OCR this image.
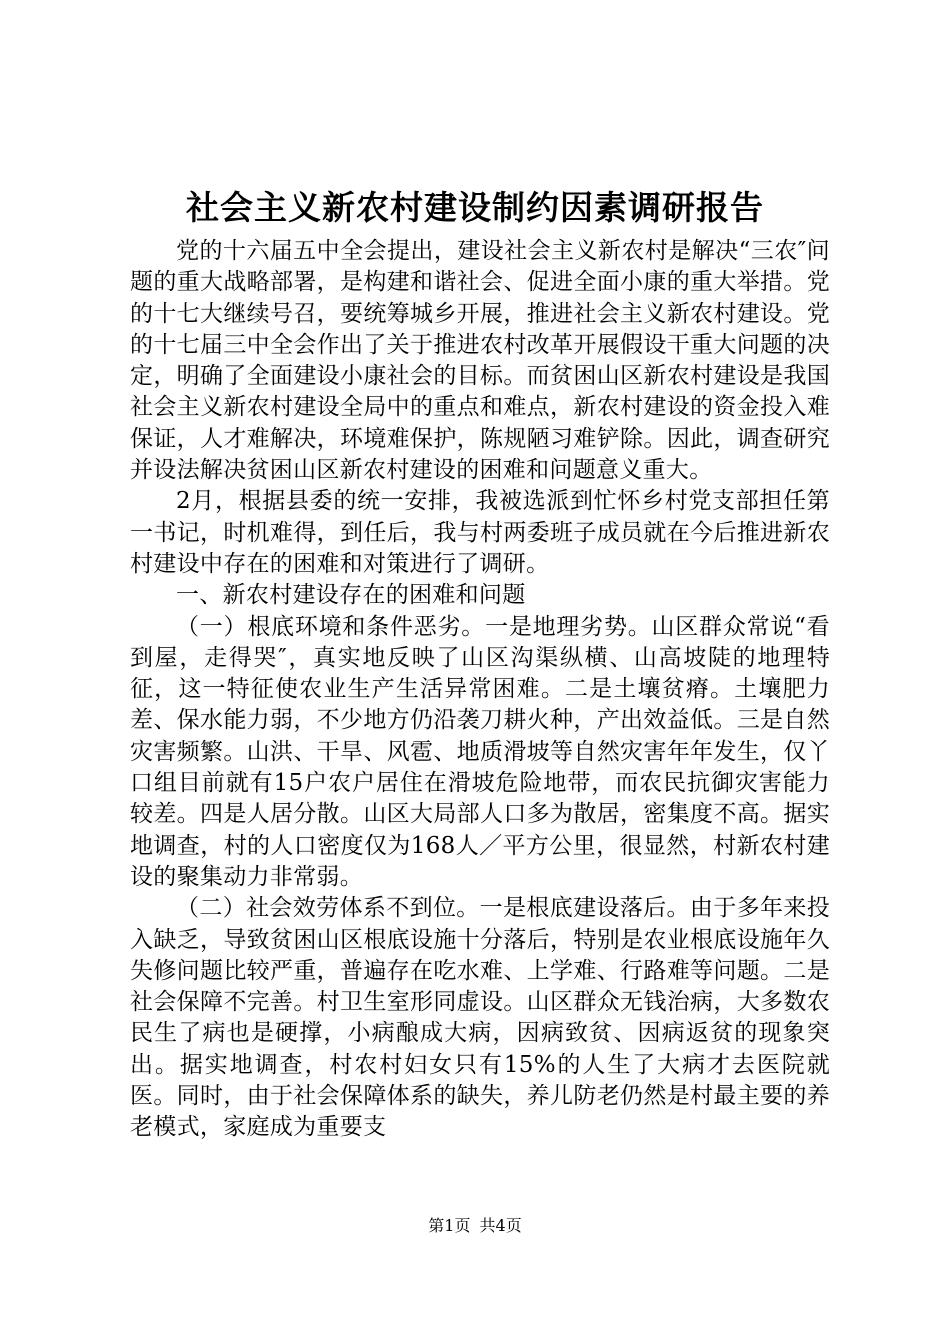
社会主义新农村建设制约因素调研报告

党的十六届五中全会提出，建设社会主义新农村是解决“三农″问题的重大战略部署，是构建和谐社会、促进全面小康的重大举措。党的十七大继续号召，要统筹城乡开展，推进社会主义新农村建设。党的十七届三中全会作出了关于推进农村改革开展假设干重大问题的决定，明确了全面建设小康社会的目标。而贫困山区新农村建设是我国社会主义新农村建设全局中的重点和难点，新农村建设的资金投入难保证，人才难解决，环境难保护，陈规陋习难铲除。因此，调查研究并设法解决贫困山区新农村建设的困难和问题意义重大。

2月，根据县委的统一安排，我被选派到忙怀乡村党支部担任第一书记，时机难得，到任后，我与村两委班子成员就在今后推进新农村建设中存在的困难和对策进行了调研。

一、新农村建设存在的困难和问题

（一）根底环境和条件恶劣。一是地理劣势。山区群众常说“看到屋，走得哭″，真实地反映了山区沟渠纵横、山高坡陡的地理特征，这一特征使农业生产生活异常困难。二是土壤贫瘠。土壤肥力差、保水能力弱，不少地方仍沿袭刀耕火种，产出效益低。三是自然灾害频繁。山洪、干旱、风雹、地质滑坡等自然灾害年年发生，仅丫口组目前就有15户农户居住在滑坡危险地带，而农民抗御灾害能力较差。四是人居分散。山区大局部人口多为散居，密集度不高。据实地调查，村的人口密度仅为168人／平方公里，很显然，村新农村建设的聚集动力非常弱。

（二）社会效劳体系不到位。一是根底建设落后。由于多年来投入缺乏，导致贫困山区根底设施十分落后，特别是农业根底设施年久失修问题比较严重，普遍存在吃水难、上学难、行路难等问题。二是社会保障不完善。村卫生室形同虚设。山区群众无钱治病，大多数农民生了病也是硬撑，小病酿成大病，因病致贫、因病返贫的现象突出。据实地调查，村农村妇女只有15%的人生了大病才去医院就医。同时，由于社会保障体系的缺失，养儿防老仍然是村最主要的养老模式，家庭成为重要支

第1页 共4页
